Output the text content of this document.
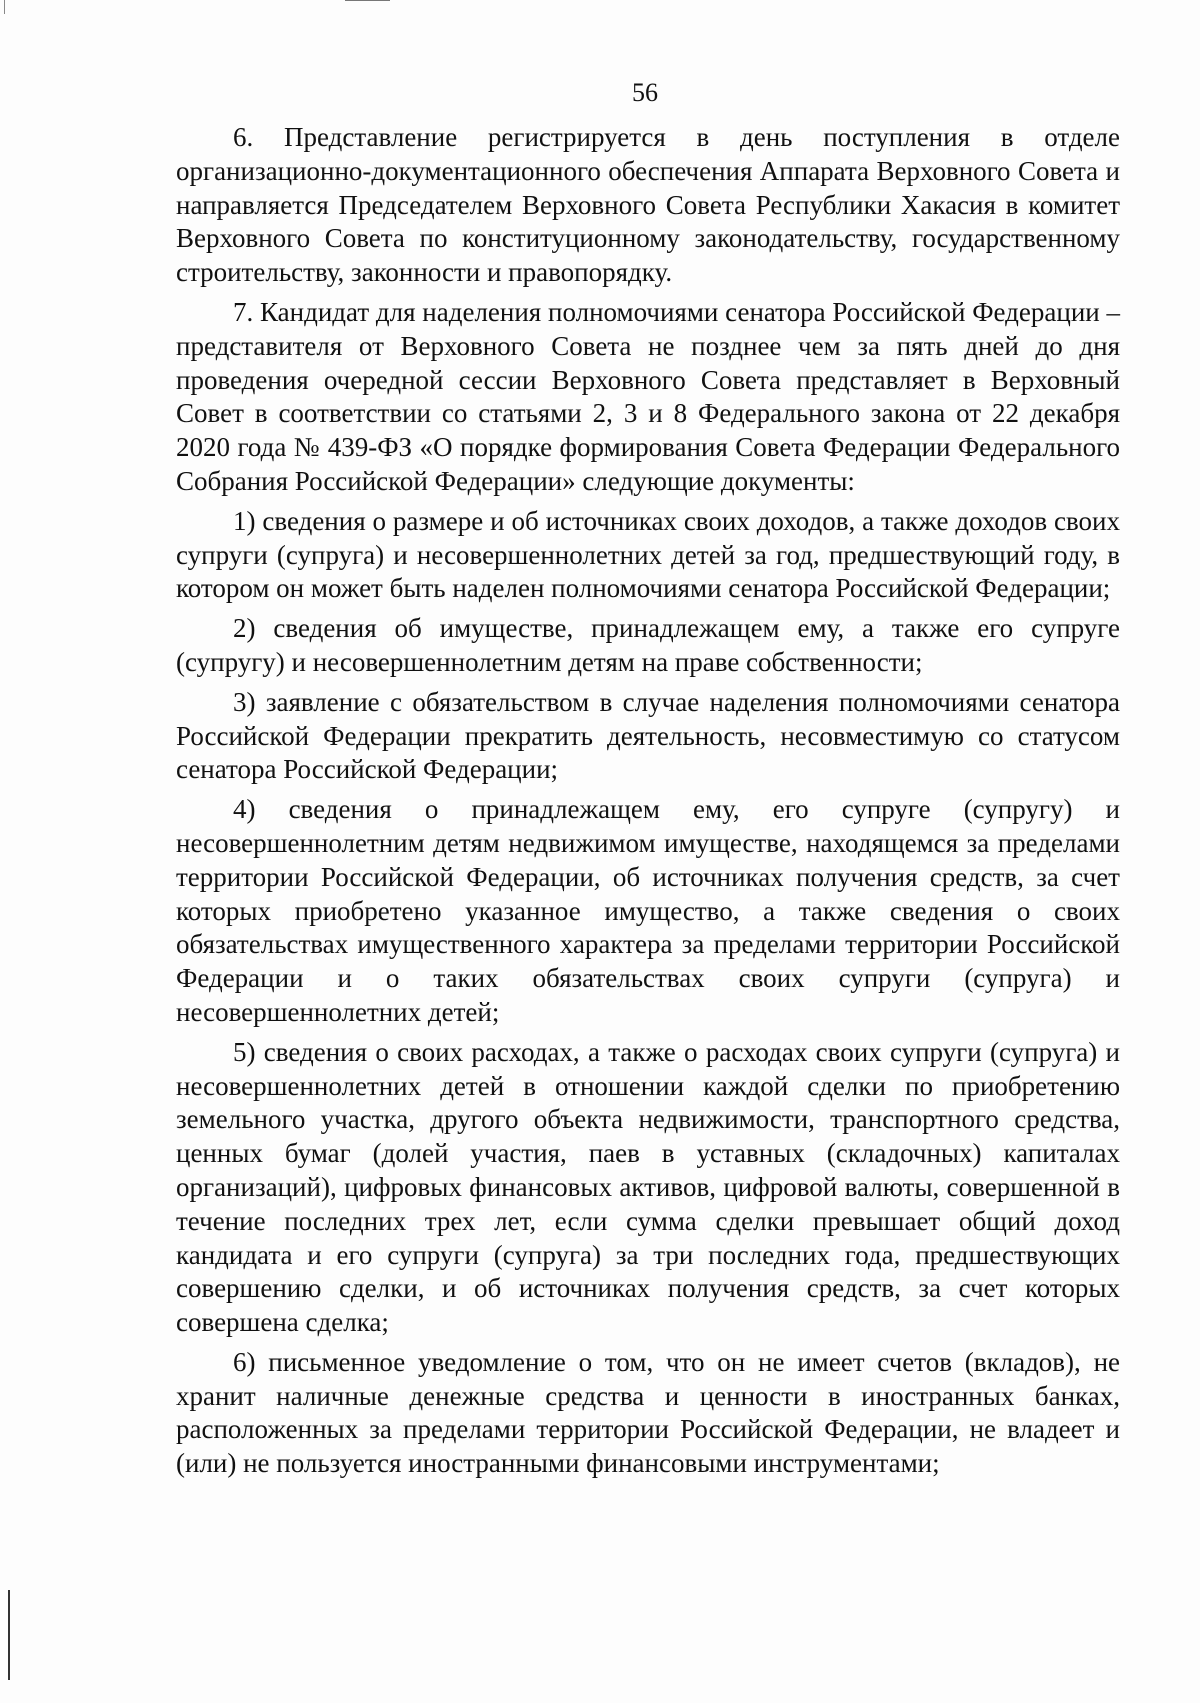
56

6. Представление регистрируется в день поступления в отделе организационно-документационного обеспечения Аппарата Верховного Совета и направляется Председателем Верховного Совета Республики Хакасия в комитет Верховного Совета по конституционному законодательству, государственному строительству, законности и правопорядку.

7. Кандидат для наделения полномочиями сенатора Российской Федерации – представителя от Верховного Совета не позднее чем за пять дней до дня проведения очередной сессии Верховного Совета представляет в Верховный Совет в соответствии со статьями 2, 3 и 8 Федерального закона от 22 декабря 2020 года № 439-ФЗ «О порядке формирования Совета Федерации Федерального Собрания Российской Федерации» следующие документы:

1) сведения о размере и об источниках своих доходов, а также доходов своих супруги (супруга) и несовершеннолетних детей за год, предшествующий году, в котором он может быть наделен полномочиями сенатора Российской Федерации;

2) сведения об имуществе, принадлежащем ему, а также его супруге (супругу) и несовершеннолетним детям на праве собственности;

3) заявление с обязательством в случае наделения полномочиями сенатора Российской Федерации прекратить деятельность, несовместимую со статусом сенатора Российской Федерации;

4) сведения о принадлежащем ему, его супруге (супругу) и несовершеннолетним детям недвижимом имуществе, находящемся за пределами территории Российской Федерации, об источниках получения средств, за счет которых приобретено указанное имущество, а также сведения о своих обязательствах имущественного характера за пределами территории Российской Федерации и о таких обязательствах своих супруги (супруга) и несовершеннолетних детей;

5) сведения о своих расходах, а также о расходах своих супруги (супруга) и несовершеннолетних детей в отношении каждой сделки по приобретению земельного участка, другого объекта недвижимости, транспортного средства, ценных бумаг (долей участия, паев в уставных (складочных) капиталах организаций), цифровых финансовых активов, цифровой валюты, совершенной в течение последних трех лет, если сумма сделки превышает общий доход кандидата и его супруги (супруга) за три последних года, предшествующих совершению сделки, и об источниках получения средств, за счет которых совершена сделка;

6) письменное уведомление о том, что он не имеет счетов (вкладов), не хранит наличные денежные средства и ценности в иностранных банках, расположенных за пределами территории Российской Федерации, не владеет и (или) не пользуется иностранными финансовыми инструментами;
